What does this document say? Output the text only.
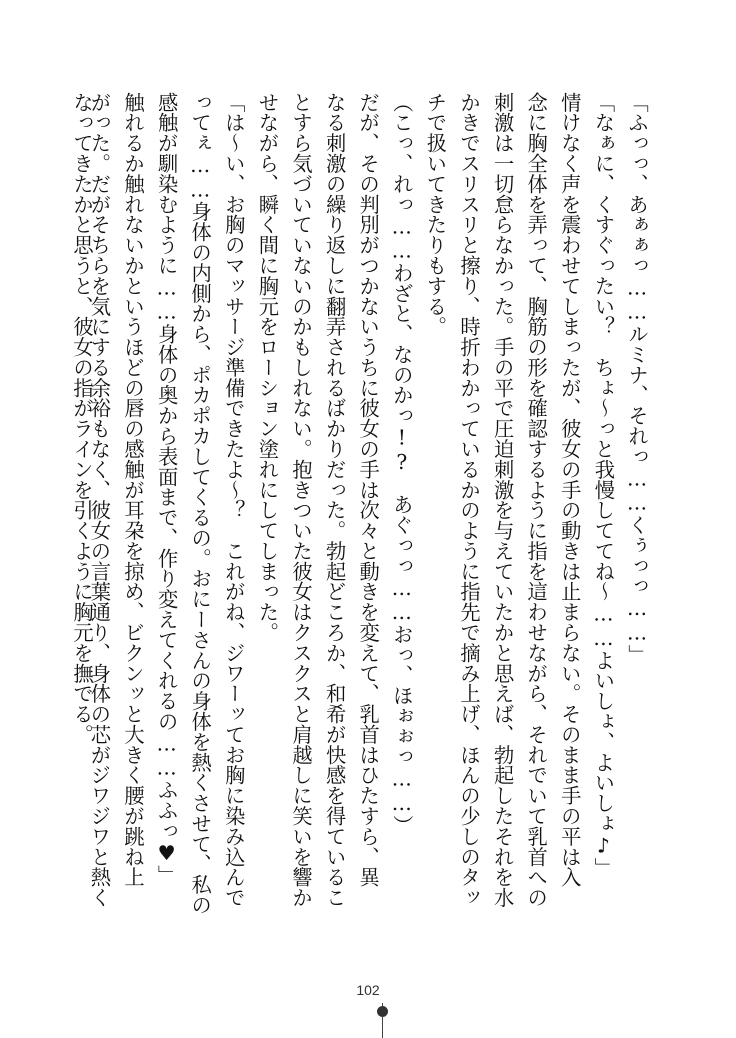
「ふっっ、あぁぁっ……ルミナ、それっ……くぅっっ……」
「なぁに、くすぐったい？　ちょ～っと我慢しててね～……よいしょ、よいしょ♪」
情けなく声を震わせてしまったが、彼女の手の動きは止まらない。そのまま手の平は入
念に胸全体を弄って、胸筋の形を確認するように指を這わせながら、それでいて乳首への
刺激は一切怠らなかった。手の平で圧迫刺激を与えていたかと思えば、勃起したそれを水
かきでスリスリと擦り、時折わかっているかのように指先で摘み上げ、ほんの少しのタッ
チで扱いてきたりもする。
（こっ、れっ……わざと、なのかっ!?　あぐっっ……おっ、ほぉぉっ……）
だが、その判別がつかないうちに彼女の手は次々と動きを変えて、乳首はひたすら、異
なる刺激の繰り返しに翻弄されるばかりだった。勃起どころか、和希が快感を得ているこ
とすら気づいていないのかもしれない。抱きついた彼女はクスクスと肩越しに笑いを響か
せながら、瞬く間に胸元をローション塗れにしてしまった。
「は～い、お胸のマッサージ準備できたよ～？　これがね、ジワーッてお胸に染み込んで
ってぇ……身体の内側から、ポカポカしてくるの。おにーさんの身体を熱くさせて、私の
感触が馴染むように……身体の奥から表面まで、作り変えてくれるの……ふふっ♥」
触れるか触れないかというほどの唇の感触が耳朶を掠め、ビクンッと大きく腰が跳ね上
がった。だがそちらを気にする余裕もなく、彼女の言葉通り、身体の芯がジワジワと熱く
なってきたかと思うと、彼女の指がラインを引くように胸元を撫でる。
102
